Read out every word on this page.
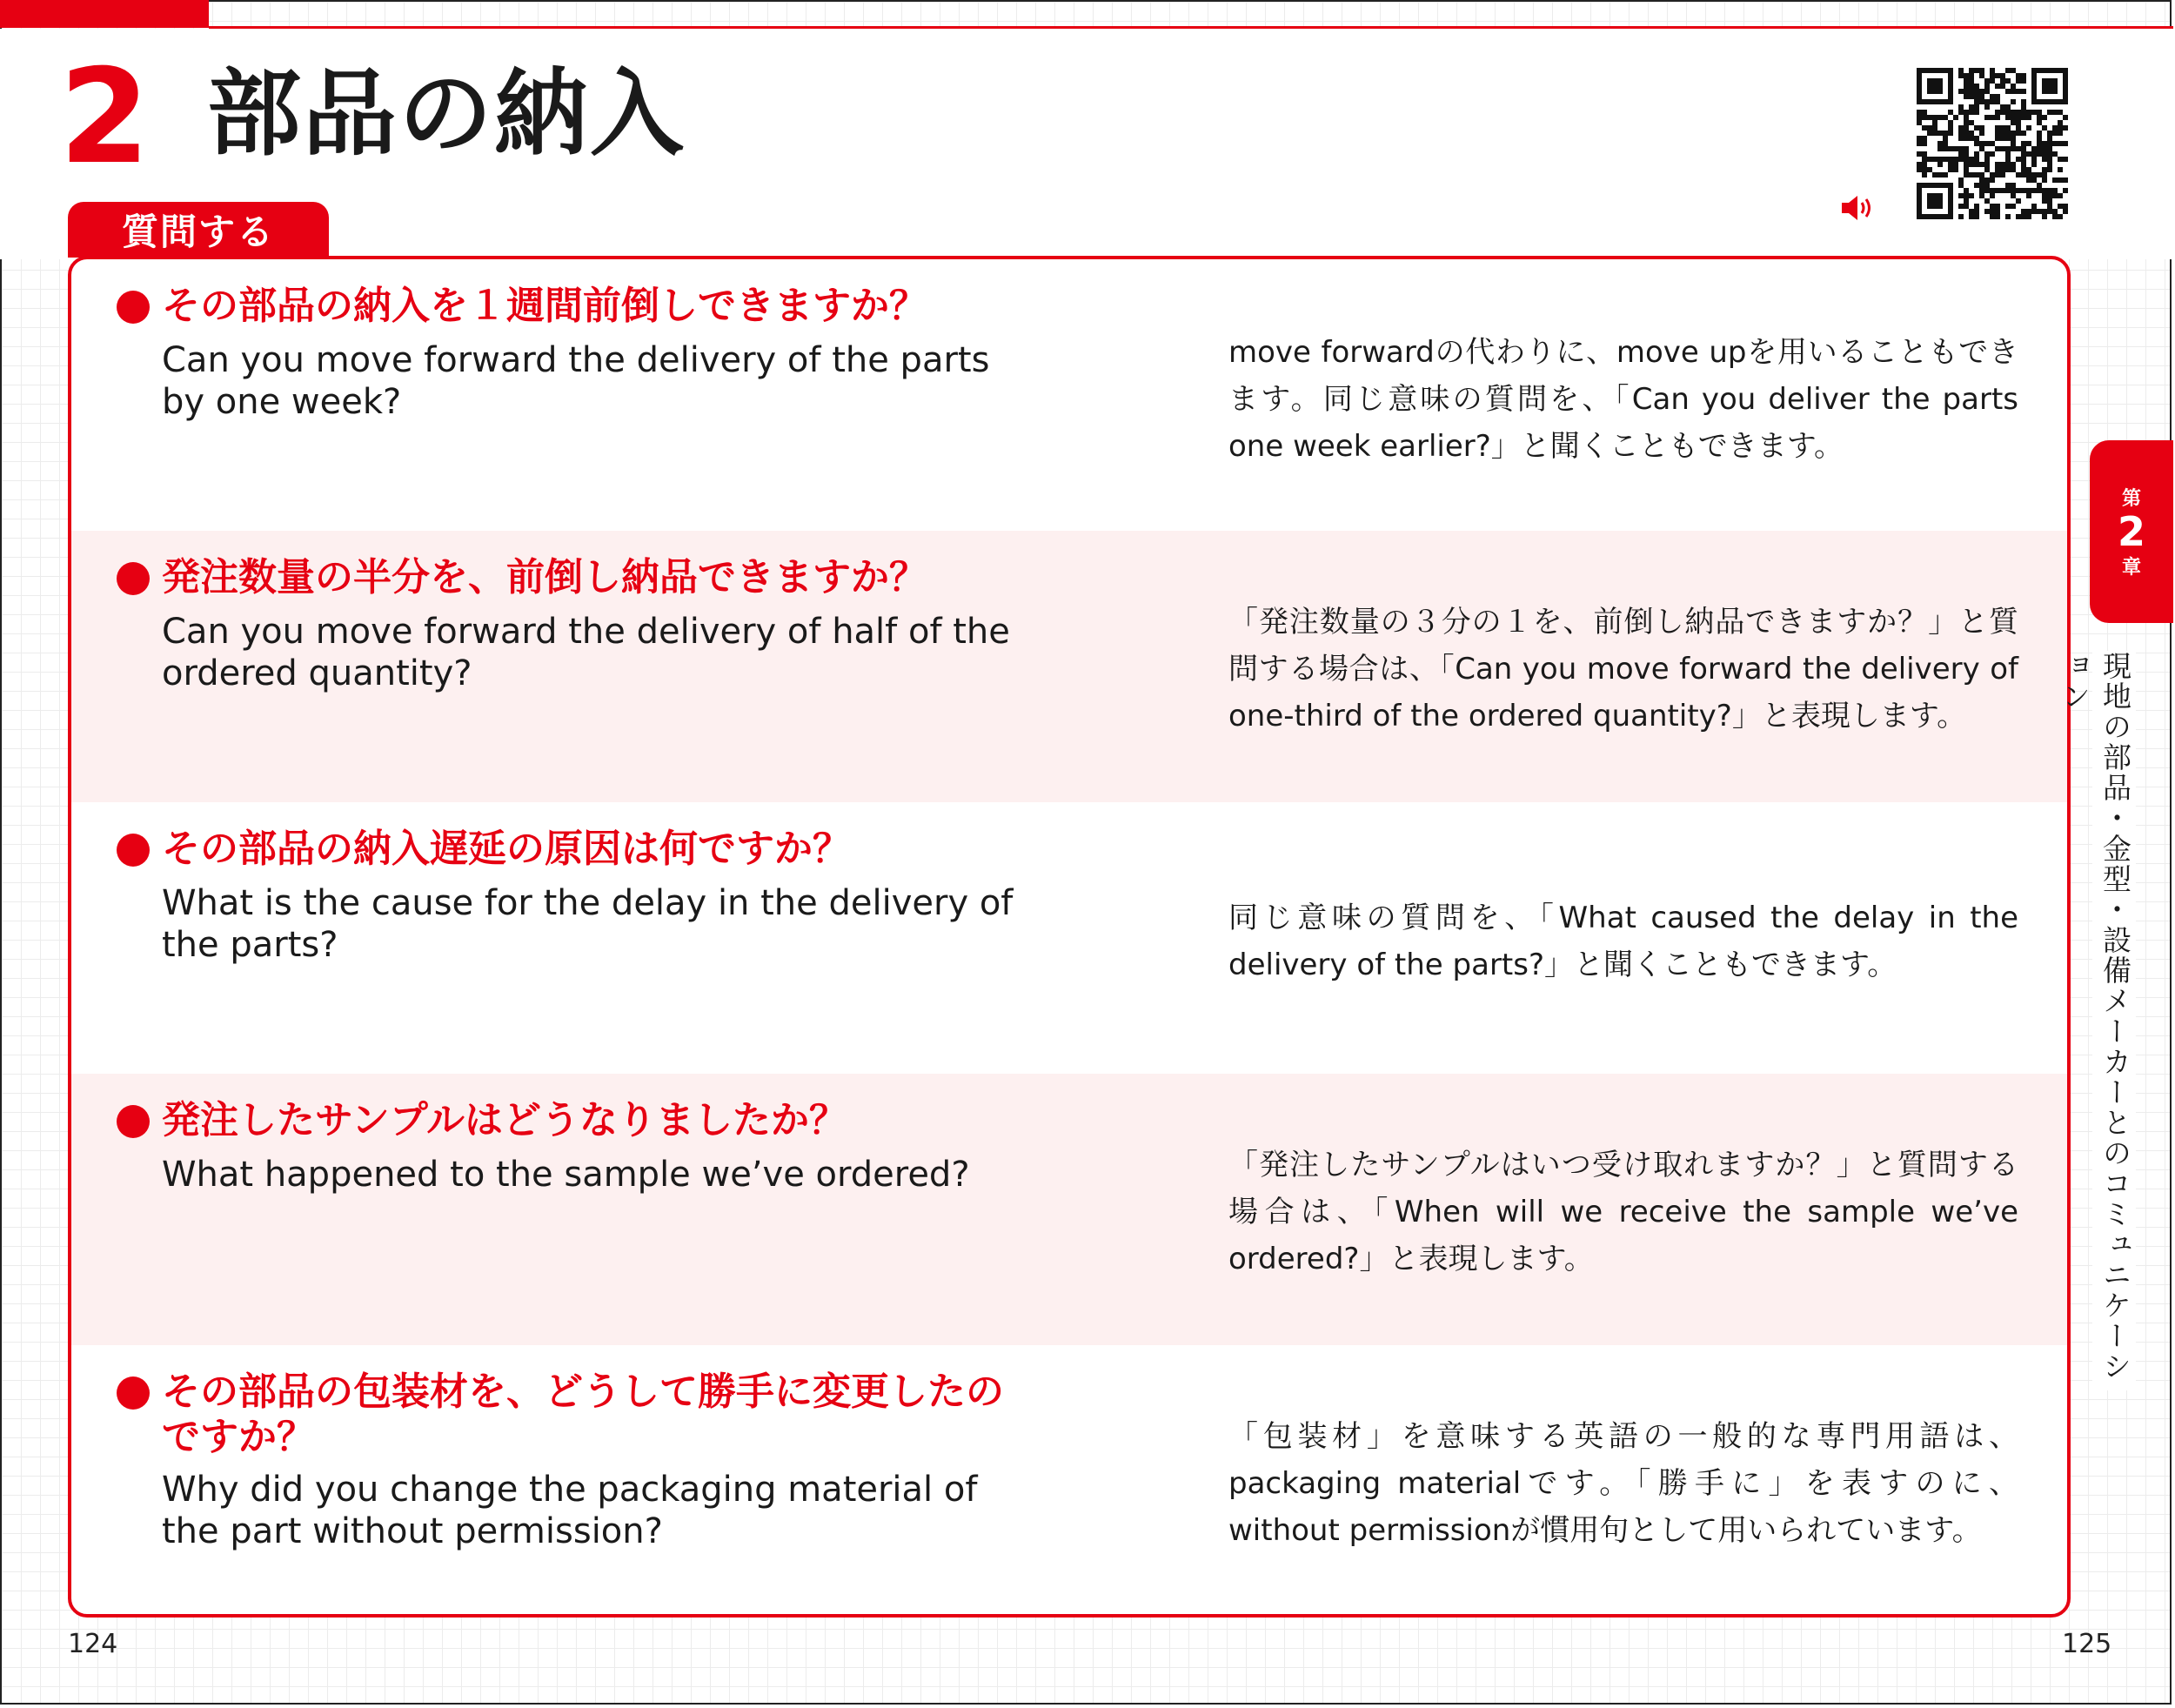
2 部品の納入
質問する
その部品の納入を１週間前倒しできますか？
Can you move forward the delivery of the parts by one week?
move forwardの代わりに、move upを用いることもできます。同じ意味の質問を、「Can you deliver the parts one week earlier?」と聞くこともできます。
発注数量の半分を、前倒し納品できますか？
Can you move forward the delivery of half of the ordered quantity?
「発注数量の３分の１を、前倒し納品できますか？」と質問する場合は、「Can you move forward the delivery of one-third of the ordered quantity?」と表現します。
その部品の納入遅延の原因は何ですか？
What is the cause for the delay in the delivery of the parts?
同じ意味の質問を、「What caused the delay in the delivery of the parts?」と聞くこともできます。
発注したサンプルはどうなりましたか？
What happened to the sample we’ve ordered?	「発注したサンプルはいつ受け取れますか？」と質問する場合は、「When will we receive the sample we’ve ordered?」と表現します。
その部品の包装材を、どうして勝手に変更したのですか？
Why did you change the packaging material of the part without permission?
「包装材」を意味する英語の一般的な専門用語は、packaging materialです。「勝手に」を表すのに、without permissionが慣用句として用いられています。
第
2
章
現地の部品・金型・設備メーカーとのコミュニケーション
124	125
